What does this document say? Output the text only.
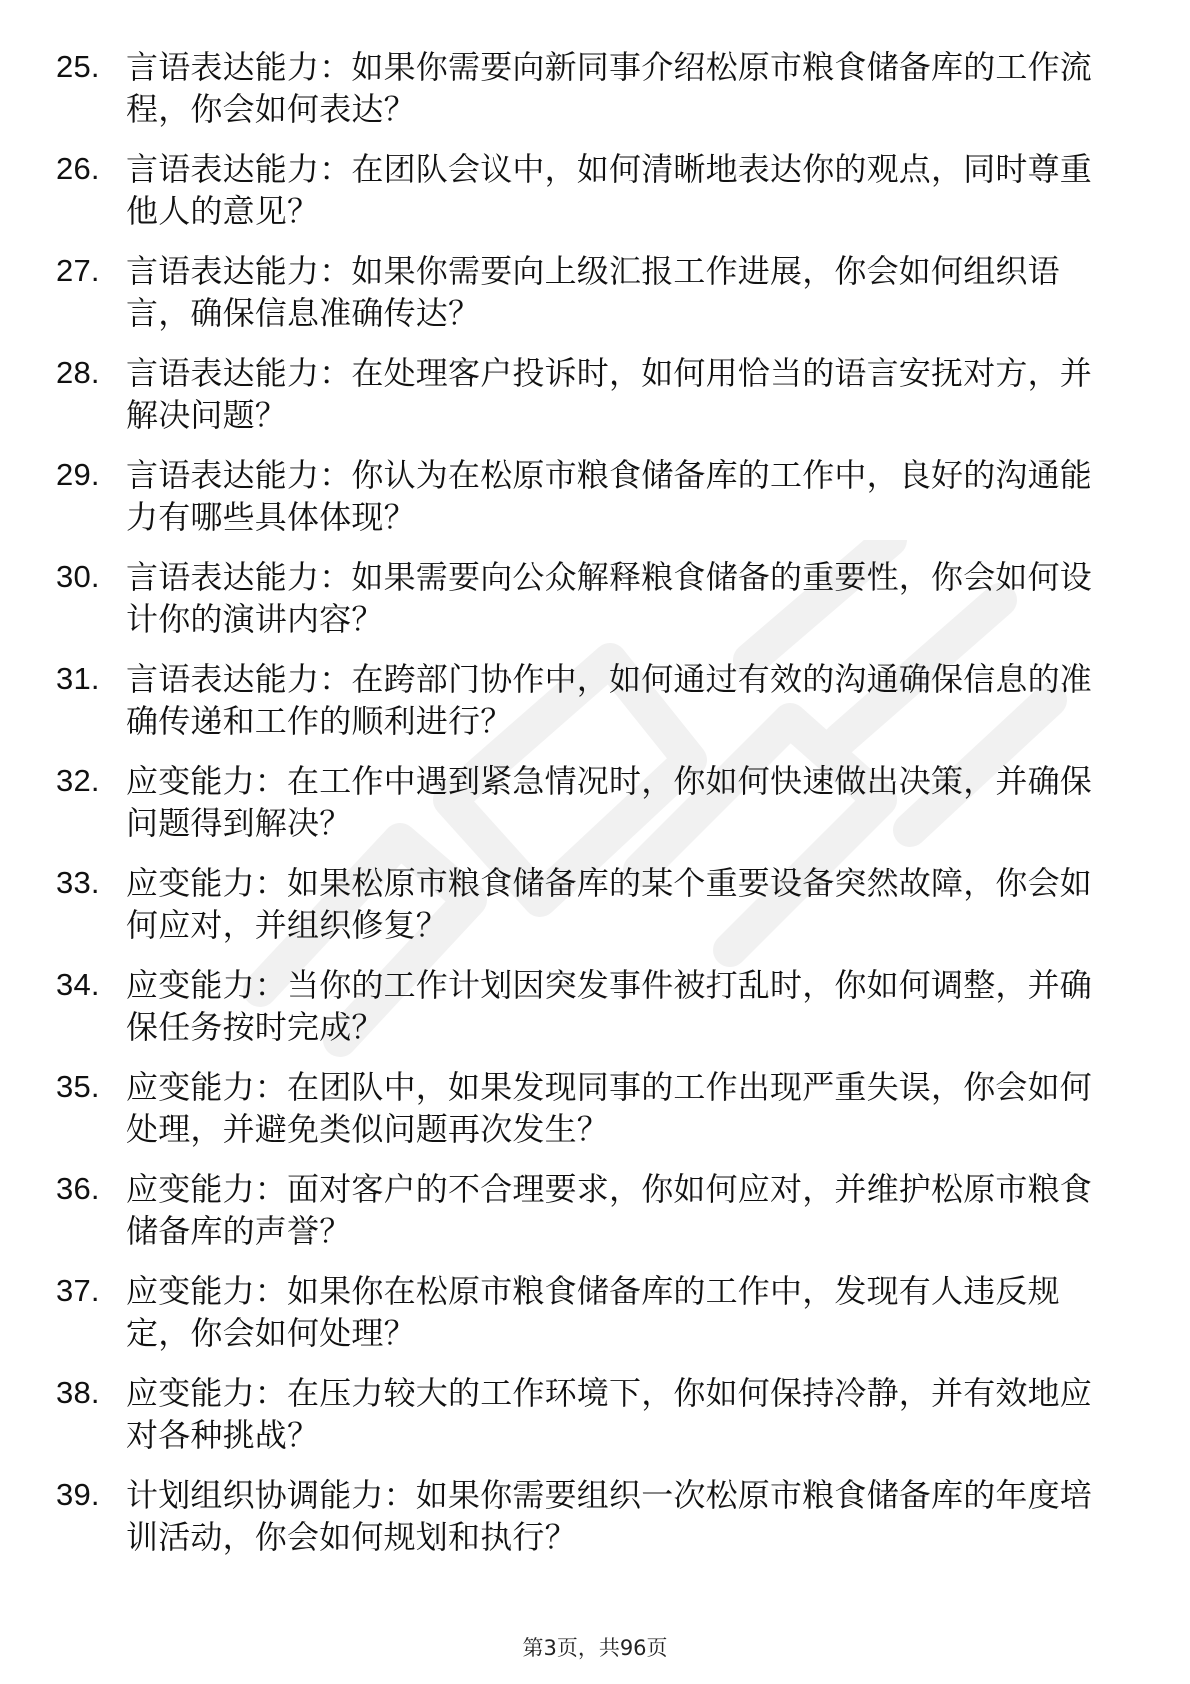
25. 言语表达能力：如果你需要向新同事介绍松原市粮食储备库的工作流程，你会如何表达？
26. 言语表达能力：在团队会议中，如何清晰地表达你的观点，同时尊重他人的意见？
27. 言语表达能力：如果你需要向上级汇报工作进展，你会如何组织语言，确保信息准确传达？
28. 言语表达能力：在处理客户投诉时，如何用恰当的语言安抚对方，并解决问题？
29. 言语表达能力：你认为在松原市粮食储备库的工作中，良好的沟通能力有哪些具体体现？
30. 言语表达能力：如果需要向公众解释粮食储备的重要性，你会如何设计你的演讲内容？
31. 言语表达能力：在跨部门协作中，如何通过有效的沟通确保信息的准确传递和工作的顺利进行？
32. 应变能力：在工作中遇到紧急情况时，你如何快速做出决策，并确保问题得到解决？
33. 应变能力：如果松原市粮食储备库的某个重要设备突然故障，你会如何应对，并组织修复？
34. 应变能力：当你的工作计划因突发事件被打乱时，你如何调整，并确保任务按时完成？
35. 应变能力：在团队中，如果发现同事的工作出现严重失误，你会如何处理，并避免类似问题再次发生？
36. 应变能力：面对客户的不合理要求，你如何应对，并维护松原市粮食储备库的声誉？
37. 应变能力：如果你在松原市粮食储备库的工作中，发现有人违反规定，你会如何处理？
38. 应变能力：在压力较大的工作环境下，你如何保持冷静，并有效地应对各种挑战？
39. 计划组织协调能力：如果你需要组织一次松原市粮食储备库的年度培训活动，你会如何规划和执行？
第3页，共96页
